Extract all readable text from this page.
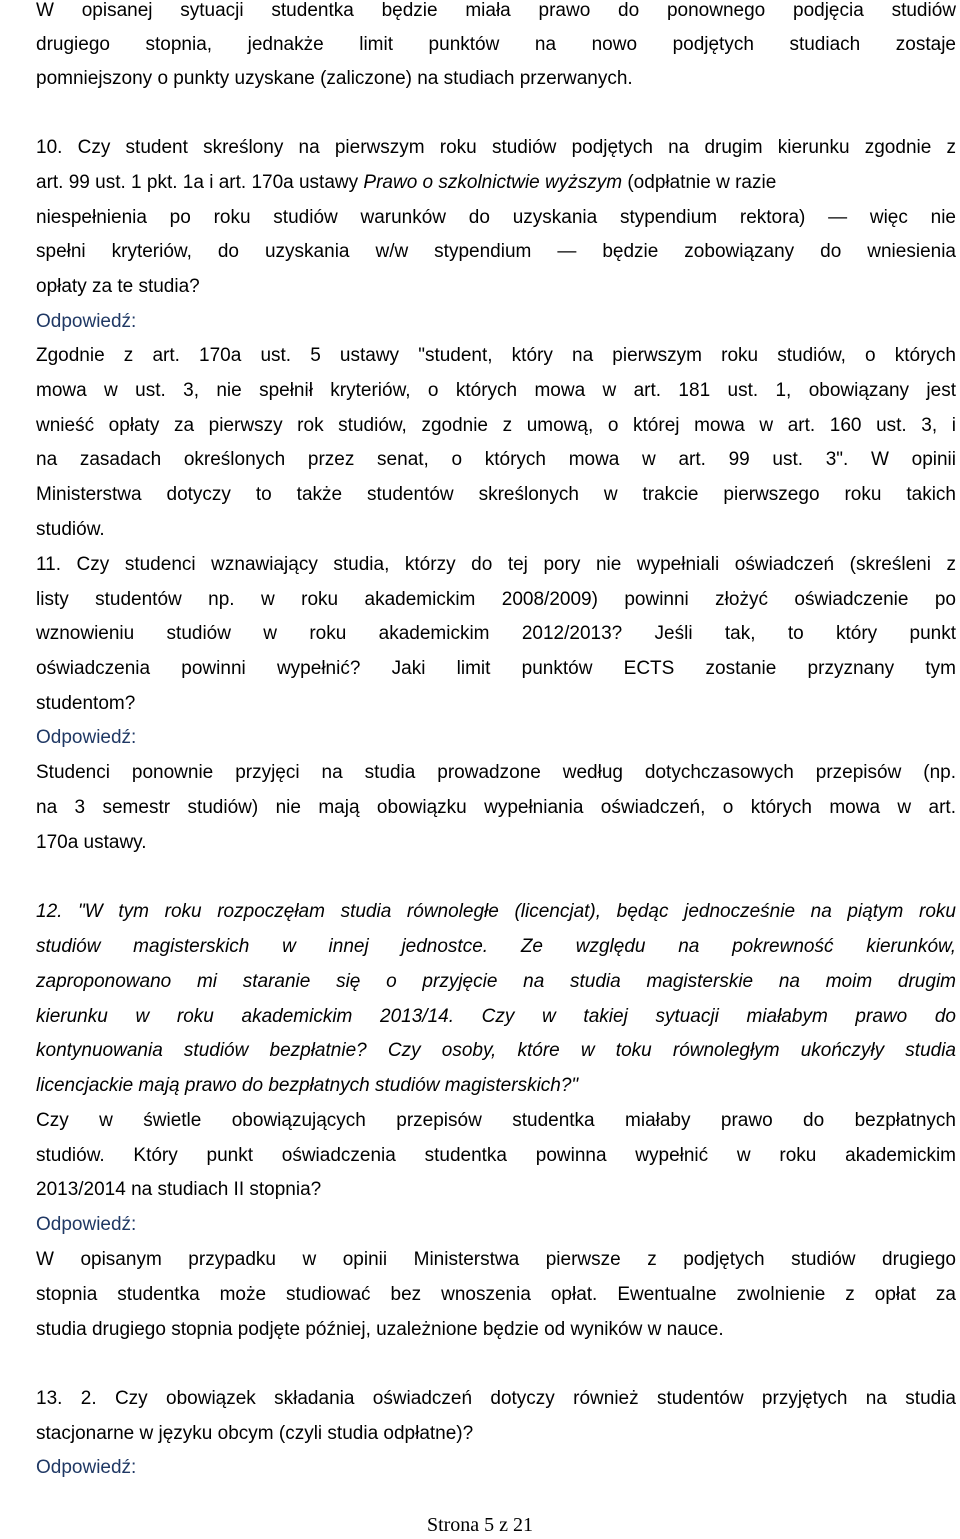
W opisanej sytuacji studentka będzie miała prawo do ponownego podjęcia studiów
drugiego stopnia, jednakże limit punktów na nowo podjętych studiach zostaje
pomniejszony o punkty uzyskane (zaliczone) na studiach przerwanych.
10. Czy student skreślony na pierwszym roku studiów podjętych na drugim kierunku zgodnie z
art. 99 ust. 1 pkt. 1a i art. 170a ustawy Prawo o szkolnictwie wyższym (odpłatnie w razie
niespełnienia po roku studiów warunków do uzyskania stypendium rektora) — więc nie
spełni kryteriów, do uzyskania w/w stypendium — będzie zobowiązany do wniesienia
opłaty za te studia?
Odpowiedź:
Zgodnie z art. 170a ust. 5 ustawy "student, który na pierwszym roku studiów, o których
mowa w ust. 3, nie spełnił kryteriów, o których mowa w art. 181 ust. 1, obowiązany jest
wnieść opłaty za pierwszy rok studiów, zgodnie z umową, o której mowa w art. 160 ust. 3, i
na zasadach określonych przez senat, o których mowa w art. 99 ust. 3". W opinii
Ministerstwa dotyczy to także studentów skreślonych w trakcie pierwszego roku takich
studiów.
11. Czy studenci wznawiający studia, którzy do tej pory nie wypełniali oświadczeń (skreśleni z
listy studentów np. w roku akademickim 2008/2009) powinni złożyć oświadczenie po
wznowieniu studiów w roku akademickim 2012/2013? Jeśli tak, to który punkt
oświadczenia powinni wypełnić? Jaki limit punktów ECTS zostanie przyznany tym
studentom?
Odpowiedź:
Studenci ponownie przyjęci na studia prowadzone według dotychczasowych przepisów (np.
na 3 semestr studiów) nie mają obowiązku wypełniania oświadczeń, o których mowa w art.
170a ustawy.
12. "W tym roku rozpoczęłam studia równoległe (licencjat), będąc jednocześnie na piątym roku
studiów magisterskich w innej jednostce. Ze względu na pokrewność kierunków,
zaproponowano mi staranie się o przyjęcie na studia magisterskie na moim drugim
kierunku w roku akademickim 2013/14. Czy w takiej sytuacji miałabym prawo do
kontynuowania studiów bezpłatnie? Czy osoby, które w toku równoległym ukończyły studia
licencjackie mają prawo do bezpłatnych studiów magisterskich?"
Czy w świetle obowiązujących przepisów studentka miałaby prawo do bezpłatnych
studiów. Który punkt oświadczenia studentka powinna wypełnić w roku akademickim
2013/2014 na studiach II stopnia?
Odpowiedź:
W opisanym przypadku w opinii Ministerstwa pierwsze z podjętych studiów drugiego
stopnia studentka może studiować bez wnoszenia opłat. Ewentualne zwolnienie z opłat za
studia drugiego stopnia podjęte później, uzależnione będzie od wyników w nauce.
13. 2. Czy obowiązek składania oświadczeń dotyczy również studentów przyjętych na studia
stacjonarne w języku obcym (czyli studia odpłatne)?
Odpowiedź:
Strona 5 z 21
